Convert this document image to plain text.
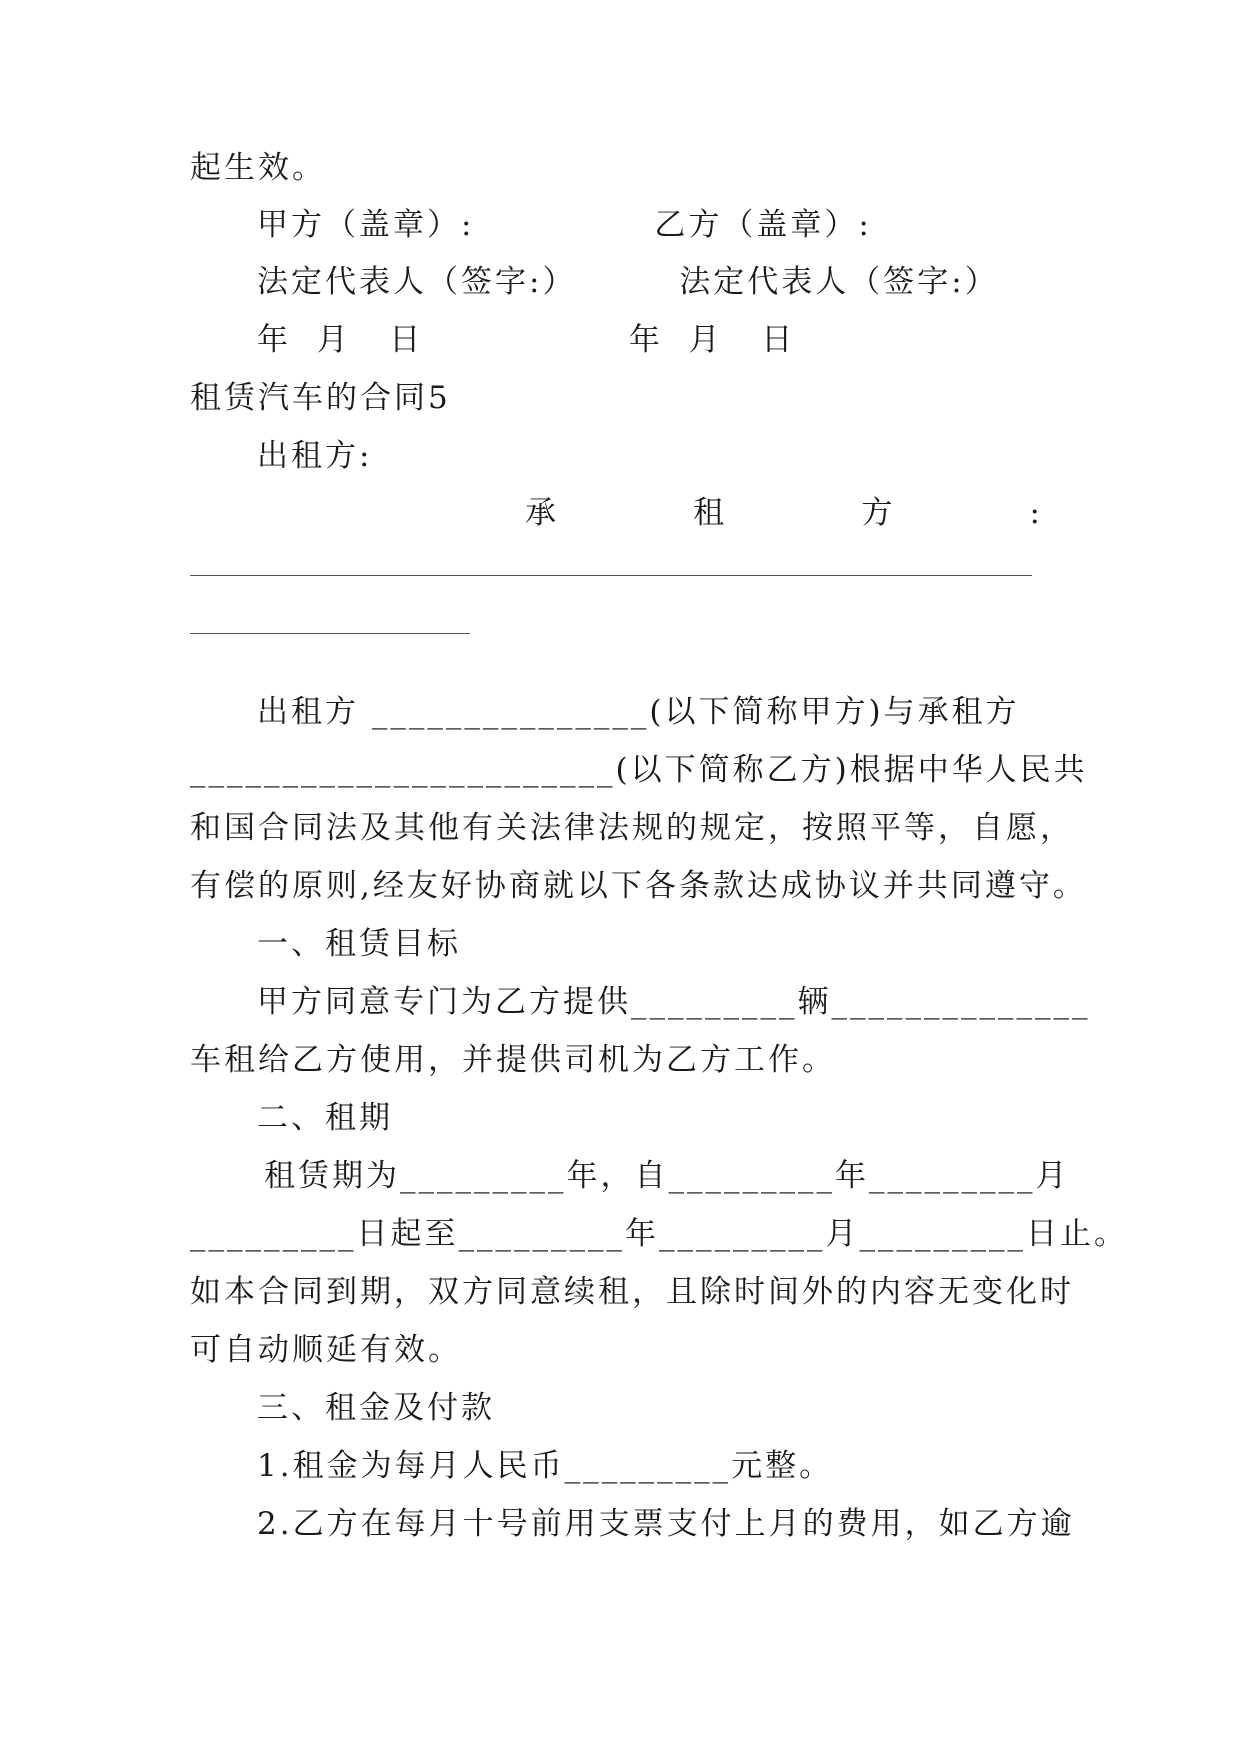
起生效。
甲方（盖章）:              乙方（盖章）:
法定代表人（签字:）        法定代表人（签字:）
年  月   日                年  月   日
租赁汽车的合同5
出租方:
承	租	方	:
出租方 _______________(以下简称甲方)与承租方
_______________________(以下简称乙方)根据中华人民共
和国合同法及其他有关法律法规的规定，按照平等，自愿，
有偿的原则,经友好协商就以下各条款达成协议并共同遵守。
一、租赁目标
甲方同意专门为乙方提供_________辆______________
车租给乙方使用，并提供司机为乙方工作。
二、租期
租赁期为_________年，自_________年_________月
_________日起至_________年_________月_________日止。
如本合同到期，双方同意续租，且除时间外的内容无变化时
可自动顺延有效。
三、租金及付款
1.租金为每月人民币_________元整。
2.乙方在每月十号前用支票支付上月的费用，如乙方逾
